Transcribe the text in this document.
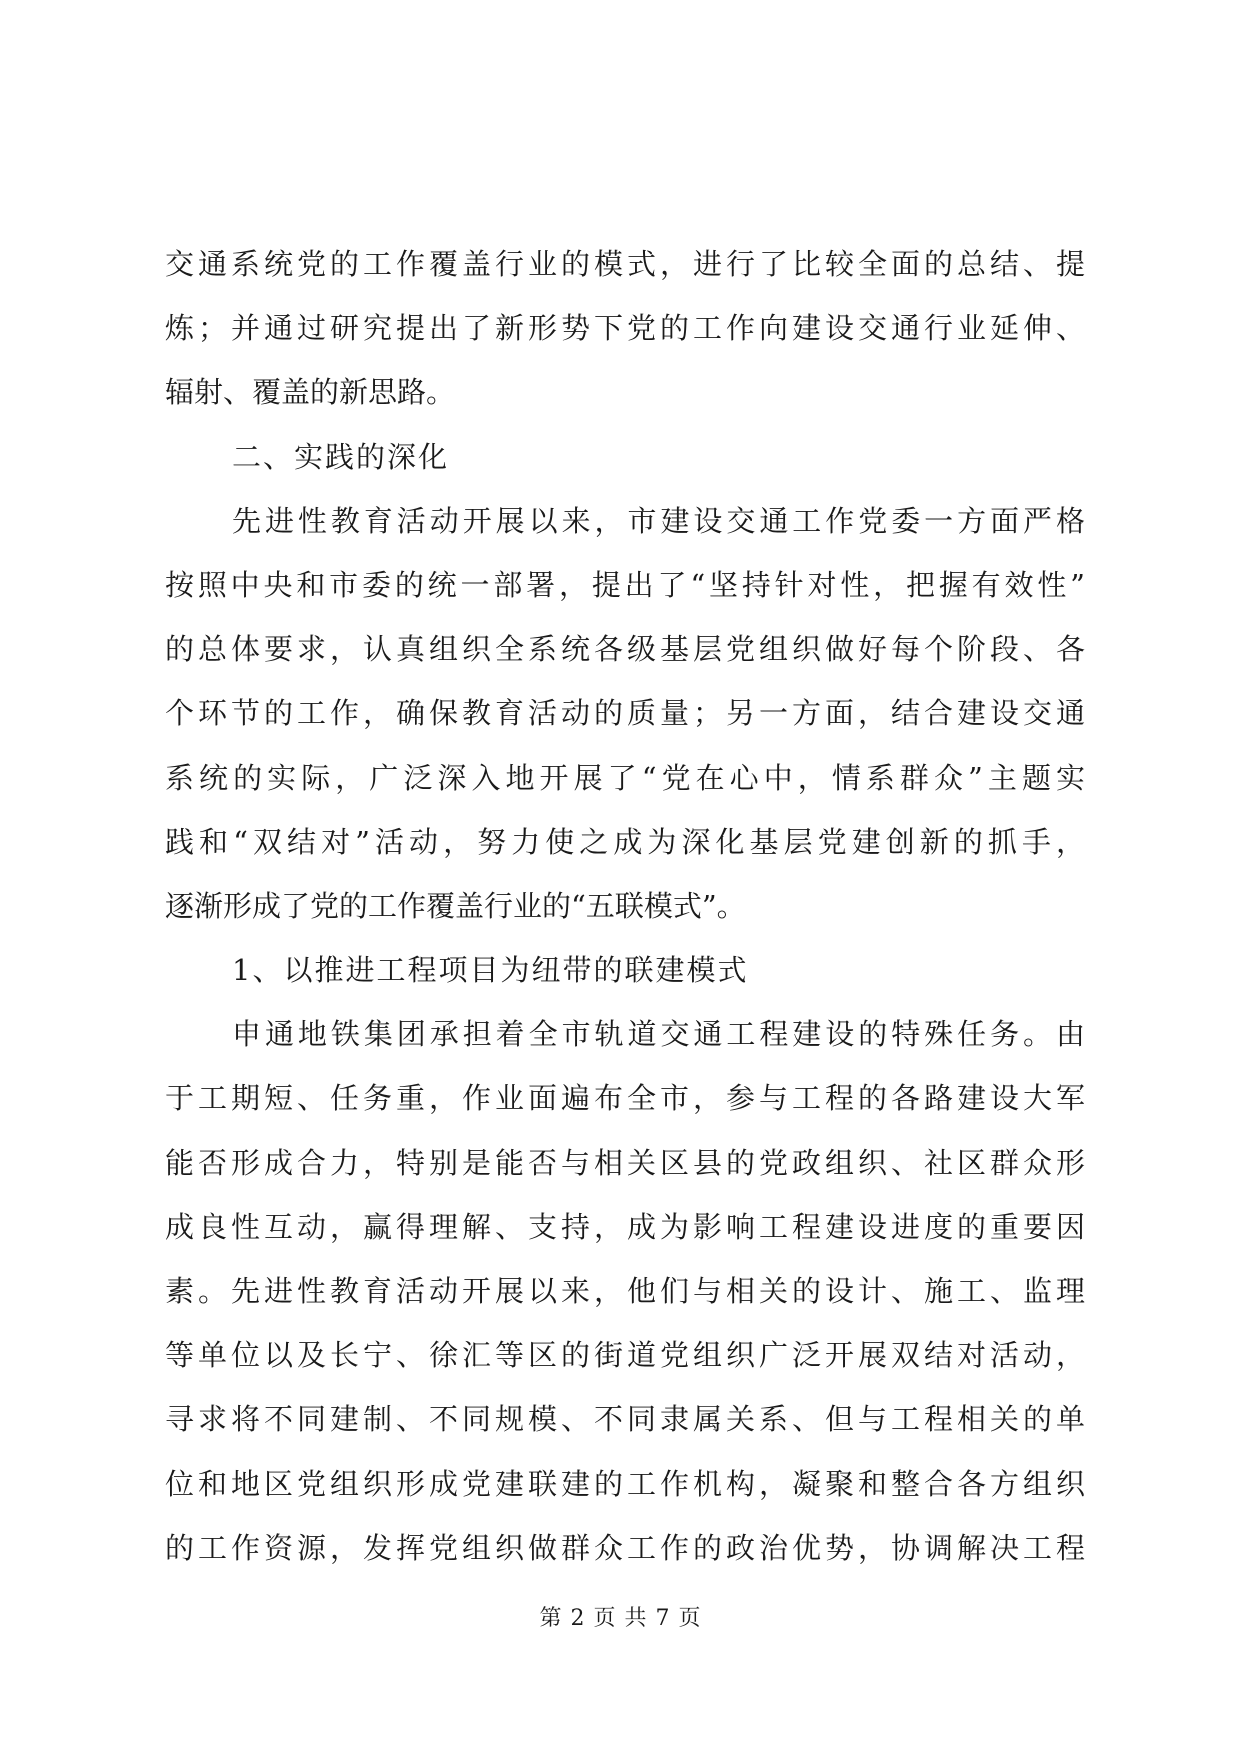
交通系统党的工作覆盖行业的模式，进行了比较全面的总结、提
炼；并通过研究提出了新形势下党的工作向建设交通行业延伸、
辐射、覆盖的新思路。
二、实践的深化
先进性教育活动开展以来，市建设交通工作党委一方面严格
按照中央和市委的统一部署，提出了“坚持针对性，把握有效性”
的总体要求，认真组织全系统各级基层党组织做好每个阶段、各
个环节的工作，确保教育活动的质量；另一方面，结合建设交通
系统的实际，广泛深入地开展了“党在心中，情系群众”主题实
践和“双结对”活动，努力使之成为深化基层党建创新的抓手，
逐渐形成了党的工作覆盖行业的“五联模式”。
1、以推进工程项目为纽带的联建模式
申通地铁集团承担着全市轨道交通工程建设的特殊任务。由
于工期短、任务重，作业面遍布全市，参与工程的各路建设大军
能否形成合力，特别是能否与相关区县的党政组织、社区群众形
成良性互动，赢得理解、支持，成为影响工程建设进度的重要因
素。先进性教育活动开展以来，他们与相关的设计、施工、监理
等单位以及长宁、徐汇等区的街道党组织广泛开展双结对活动，
寻求将不同建制、不同规模、不同隶属关系、但与工程相关的单
位和地区党组织形成党建联建的工作机构，凝聚和整合各方组织
的工作资源，发挥党组织做群众工作的政治优势，协调解决工程
第 2 页 共 7 页
